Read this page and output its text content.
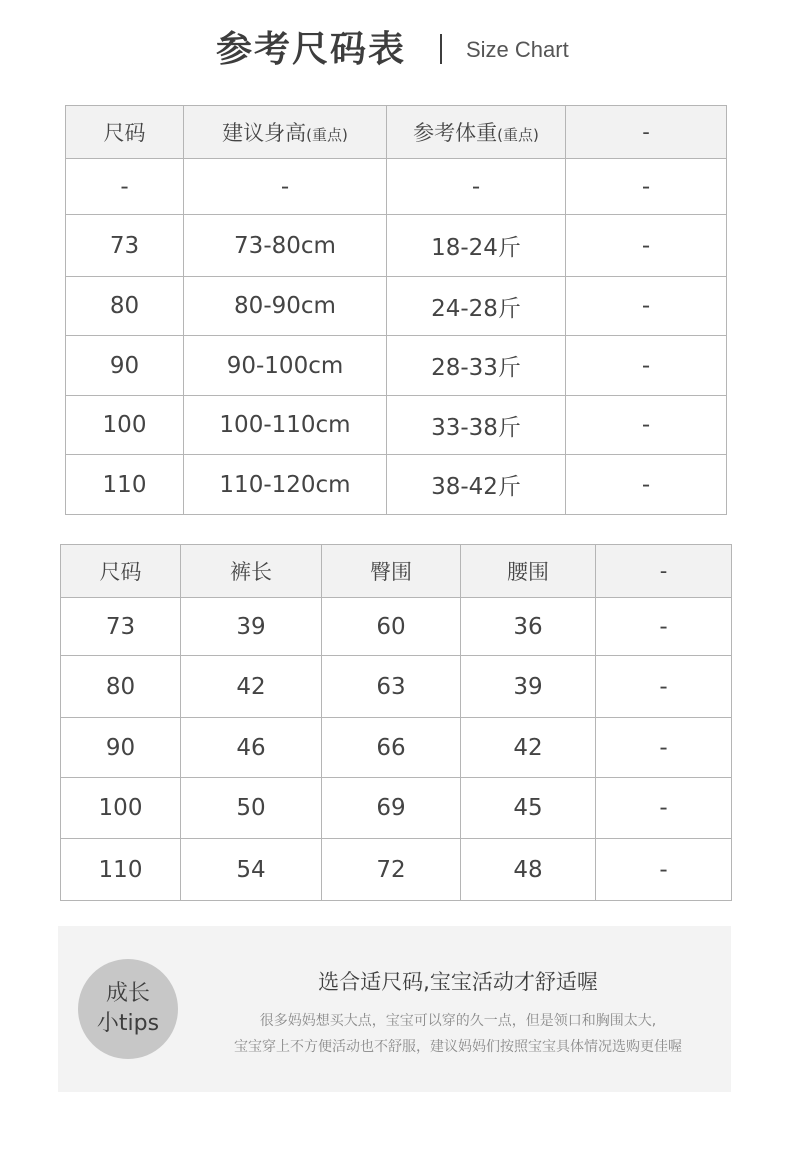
参考尺码表	Size Chart
尺码	建议身高(重点)	参考体重(重点)	-
-	-	-	-
73	73-80cm	18-24斤	-
80	80-90cm	24-28斤	-
90	90-100cm	28-33斤	-
100	100-110cm	33-38斤	-
110	110-120cm	38-42斤	-
尺码	裤长	臀围	腰围	-
73	39	60	36	-
80	42	63	39	-
90	46	66	42	-
100	50	69	45	-
110	54	72	48	-
成长
小tips
选合适尺码,宝宝活动才舒适喔
很多妈妈想买大点，宝宝可以穿的久一点，但是领口和胸围太大,
宝宝穿上不方便活动也不舒服，建议妈妈们按照宝宝具体情况选购更佳喔
